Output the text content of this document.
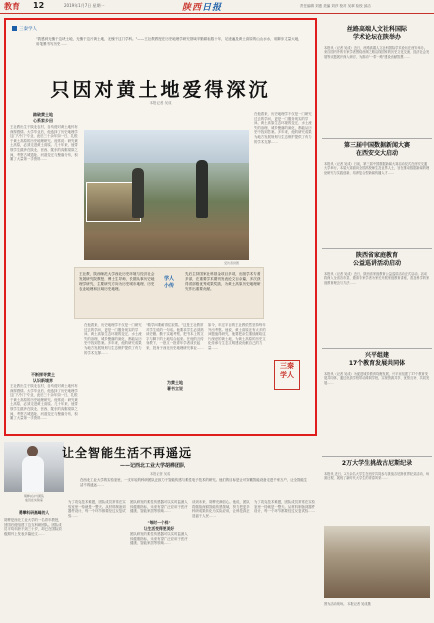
教育 12	2019年1月7日 星期一	陕西日报	责任编辑 刘惠 美编 刘莎 校对 吴翠 检校 邱洁
三秦学人
"我感到无愧于这块土地，无愧于这片黄土地，无愧于这门学科。"——王社教教授在历史地理学研究领域辛勤耕耘数十年，足迹遍及黄土高原的山山水水，用脚步丈量大地，用笔墨书写历史……
只因对黄土地爱得深沉
本报记者 吴成
踏破黄土地
心系家乡田
王社教出生于陕北农村，自幼便对黄土地怀有深厚感情。大学毕业后，他选择了历史地理学这门"冷门"专业，此后三十余年如一日，扎根于黄土高原的历史地理研究。他常说：研究黄土高原，必须走进黄土高原。几十年来，他带领学生跋涉在陕北、晋西、陇东的沟壑梁峁之间，考察古城遗址、河道变迁与聚落分布，积累了大量第一手资料……
不断探寻黄土
认识新境界
王社教出生于陕北农村，自幼便对黄土地怀有深厚感情。大学毕业后，他选择了历史地理学这门"冷门"专业，此后三十余年如一日，扎根于黄土高原的历史地理研究。他常说：研究黄土高原，必须走进黄土高原。几十年来，他带领学生跋涉在陕北、晋西、陇东的沟壑梁峁之间，考察古城遗址、河道变迁与聚落分布，积累了大量第一手资料……
在他看来，历史地理学不仅是一门研究过去的学问，更是一门服务现实的学问。黄土高原生态环境的变迁、水土流失的治理、城乡聚落的演化，都能从历史中找到答案。多年来，他的研究成果为地方发展规划与生态保护提供了有力的学术支撑……
受访者供图
王社教，陕西师范大学西北历史环境与经济社会发展研究院教授、博士生导师，长期从事历史地理学研究，主要研究方向为历史城市地理、历史农业地理和区域历史地理。
学人
小传
先后主持国家社科基金项目多项，出版学术专著多部，在重要学术期刊发表论文百余篇，多次获得省部级优秀成果奖励，为黄土高原历史地理研究作出重要贡献。
在他看来，历史地理学不仅是一门研究过去的学问，更是一门服务现实的学问。黄土高原生态环境的变迁、水土流失的治理、城乡聚落的演化，都能从历史中找到答案。多年来，他的研究成果为地方发展规划与生态保护提供了有力的学术支撑……
"做学问要耐得住寂寞。"这是王社教常对学生说的一句话。他要求学生必须熟读史籍、勤于实地考察，把书本上的文字与脚下的土地结合起来。在他的言传身教下，一批又一批青年学者成长起来，投身于西北历史地理研究事业……
为黄土地
著书立说
如今，年过半百的王社教依然坚持每年外出考察。他说，黄土高原还有太多的问题值得研究，他要把余生继续献给这片深爱的黄土地，为黄土高原的历史文化传承与生态文明建设贡献自己的力量……
三秦
学人
丝路高端人文社科国际
学术论坛在陕举办
本报讯（记者 吴成）近日，丝路高端人文社科国际学术论坛在西安举办。来自国内外的专家学者围绕丝绸之路沿线国家的历史文化交流、经济社会发展等议题展开深入研讨，为推动"一带一路"建设贡献智慧……
第三届中国数据新闻大赛
在西安交大启动
本报讯（记者 吴成）日前，第三届中国数据新闻大赛启动仪式在西安交通大学举行。本届大赛面向全国高校师生及业界人士，旨在推动数据新闻的理论研究与实践创新，培养复合型新闻传播人才……
陕西省家庭教育
公益巡讲活动启动
本报讯（记者 吴成）近日，陕西省家庭教育公益巡讲活动正式启动。活动将深入全省各市县，邀请专家学者为家长开展家庭教育讲座，普及科学的家庭教育理念与方法……
兴平组建
17个教育发展共同体
本报讯（记者 吴成）为促进城乡教育均衡发展，兴平市组建了17个教育发展共同体，通过优质学校带动薄弱学校，实现资源共享、优势互补、共同发展……
2万大学生挑战古尼斯纪录
本报讯 近日，2万余名大学生在西安共同参与挑战吉尼斯世界纪录活动，场面壮观，展现了新时代大学生的青春风采……
图为活动现场。 本报记者 吴成摄
胡桦(右)与团队
成员在实验室
让全智能生活不再遥远
——记西北工业大学胡桦团队
本报记者 吴成
在西北工业大学的实验室里，一支年轻的科研团队正致力于智能传感与柔性电子技术的研究。他们的目标是让可穿戴智能设备走进千家万户，让全智能生活不再遥远……
勇攀科研高峰的人
胡桦是西北工业大学的一名青年教授，回国后便组建了这支科研团队。团队成员平均年龄不到三十岁，却已在国际顶级期刊上发表多篇论文……
为了攻克技术难题，团队成员常常在实验室里一待就是一整天。从材料制备到器件设计，每一个环节都要经过反复试验……
"每时一个样"
让生活变得更美好
团队研发的柔性传感器可以实时监测人体健康指标，未来有望广泛应用于医疗健康、智能家居等领域……
团队研发的柔性传感器可以实时监测人体健康指标，未来有望广泛应用于医疗健康、智能家居等领域……
谈到未来，胡桦充满信心。他说，团队将继续深耕智能传感领域，努力把更多科研成果转化为实际应用，让科技真正造福于人民……
为了攻克技术难题，团队成员常常在实验室里一待就是一整天。从材料制备到器件设计，每一个环节都要经过反复试验……
